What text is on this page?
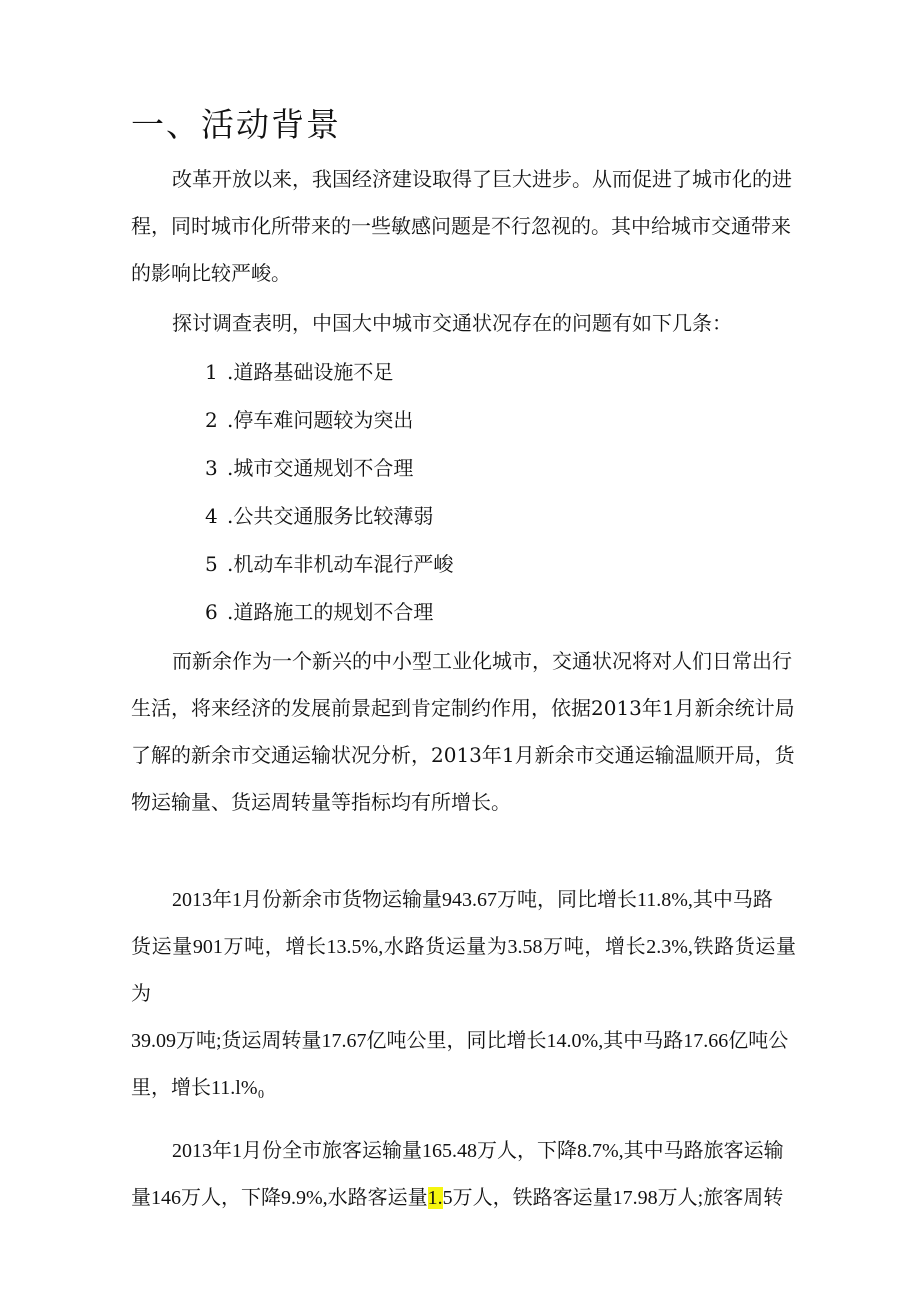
一、活动背景

改革开放以来，我国经济建设取得了巨大进步。从而促进了城市化的进
程，同时城市化所带来的一些敏感问题是不行忽视的。其中给城市交通带来
的影响比较严峻。

探讨调查表明，中国大中城市交通状况存在的问题有如下几条：

1 .道路基础设施不足

2 .停车难问题较为突出

3 .城市交通规划不合理

4 .公共交通服务比较薄弱

5 .机动车非机动车混行严峻

6 .道路施工的规划不合理

而新余作为一个新兴的中小型工业化城市，交通状况将对人们日常出行
生活，将来经济的发展前景起到肯定制约作用，依据2013年1月新余统计局
了解的新余市交通运输状况分析，2013年1月新余市交通运输温顺开局，货
物运输量、货运周转量等指标均有所增长。

2013年1月份新余市货物运输量943.67万吨，同比增长11.8%,其中马路
货运量901万吨，增长13.5%,水路货运量为3.58万吨，增长2.3%,铁路货运量为
39.09万吨;货运周转量17.67亿吨公里，同比增长14.0%,其中马路17.66亿吨公
里，增长11.l%₀

2013年1月份全市旅客运输量165.48万人，下降8.7%,其中马路旅客运输
量146万人，下降9.9%,水路客运量1.5万人，铁路客运量17.98万人;旅客周转
